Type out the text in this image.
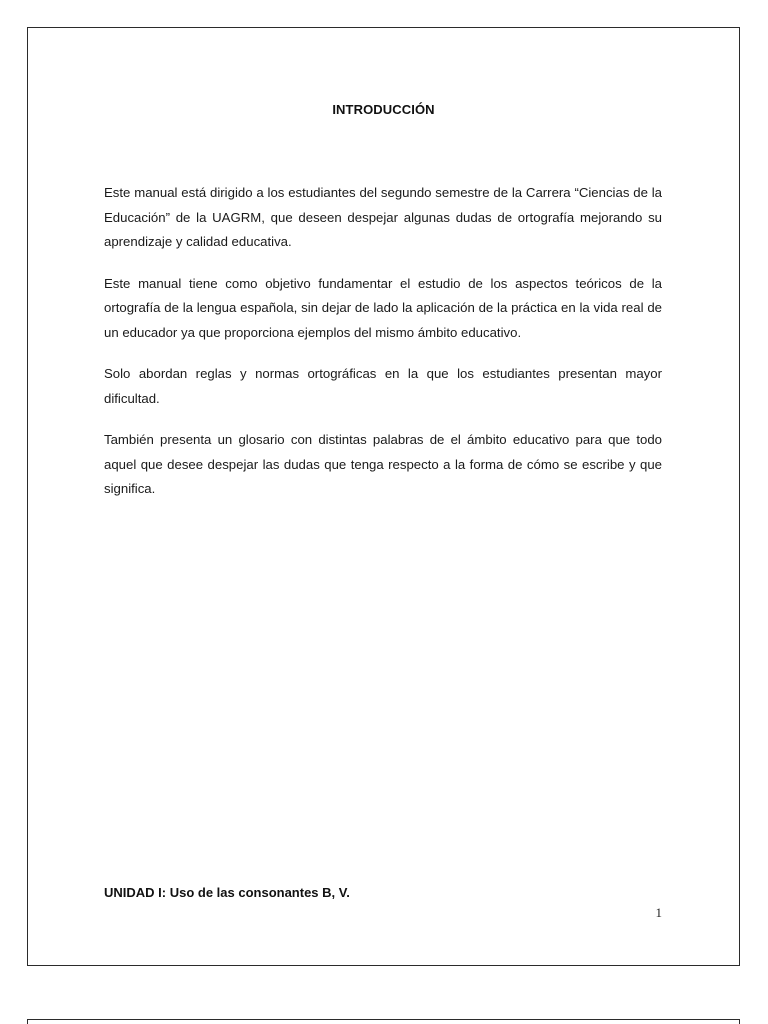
INTRODUCCIÓN

Este manual está dirigido a los estudiantes del segundo semestre de la Carrera “Ciencias de la Educación” de la UAGRM, que deseen despejar algunas dudas de ortografía mejorando su aprendizaje y calidad educativa.

Este manual tiene como objetivo fundamentar el estudio de los aspectos teóricos de la ortografía de la lengua española, sin dejar de lado la aplicación de la práctica en la vida real de un educador ya que proporciona ejemplos del mismo ámbito educativo.

Solo abordan reglas y normas ortográficas en la que los estudiantes presentan mayor dificultad.

También presenta un glosario con distintas palabras de el ámbito educativo para que todo aquel que desee despejar las dudas que tenga respecto a la forma de cómo se escribe y que significa.

UNIDAD I: Uso de las consonantes B, V.
1
